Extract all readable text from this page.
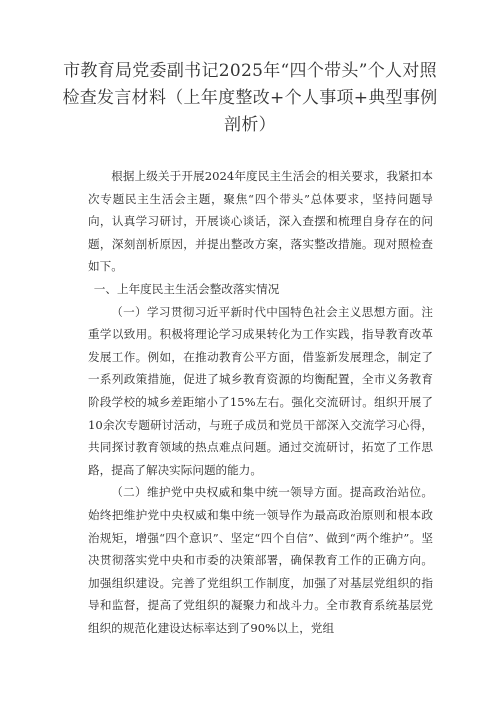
市教育局党委副书记2025年“四个带头”个人对照检查发言材料（上年度整改+个人事项+典型事例剖析）

根据上级关于开展2024年度民主生活会的相关要求，我紧扣本次专题民主生活会主题，聚焦“四个带头”总体要求，坚持问题导向，认真学习研讨，开展谈心谈话，深入查摆和梳理自身存在的问题，深刻剖析原因，并提出整改方案，落实整改措施。现对照检查如下。

一、上年度民主生活会整改落实情况

（一）学习贯彻习近平新时代中国特色社会主义思想方面。注重学以致用。积极将理论学习成果转化为工作实践，指导教育改革发展工作。例如，在推动教育公平方面，借鉴新发展理念，制定了一系列政策措施，促进了城乡教育资源的均衡配置，全市义务教育阶段学校的城乡差距缩小了15%左右。强化交流研讨。组织开展了10余次专题研讨活动，与班子成员和党员干部深入交流学习心得，共同探讨教育领域的热点难点问题。通过交流研讨，拓宽了工作思路，提高了解决实际问题的能力。

（二）维护党中央权威和集中统一领导方面。提高政治站位。始终把维护党中央权威和集中统一领导作为最高政治原则和根本政治规矩，增强“四个意识”、坚定“四个自信”、做到“两个维护”。坚决贯彻落实党中央和市委的决策部署，确保教育工作的正确方向。加强组织建设。完善了党组织工作制度，加强了对基层党组织的指导和监督，提高了党组织的凝聚力和战斗力。全市教育系统基层党组织的规范化建设达标率达到了90%以上，党组
